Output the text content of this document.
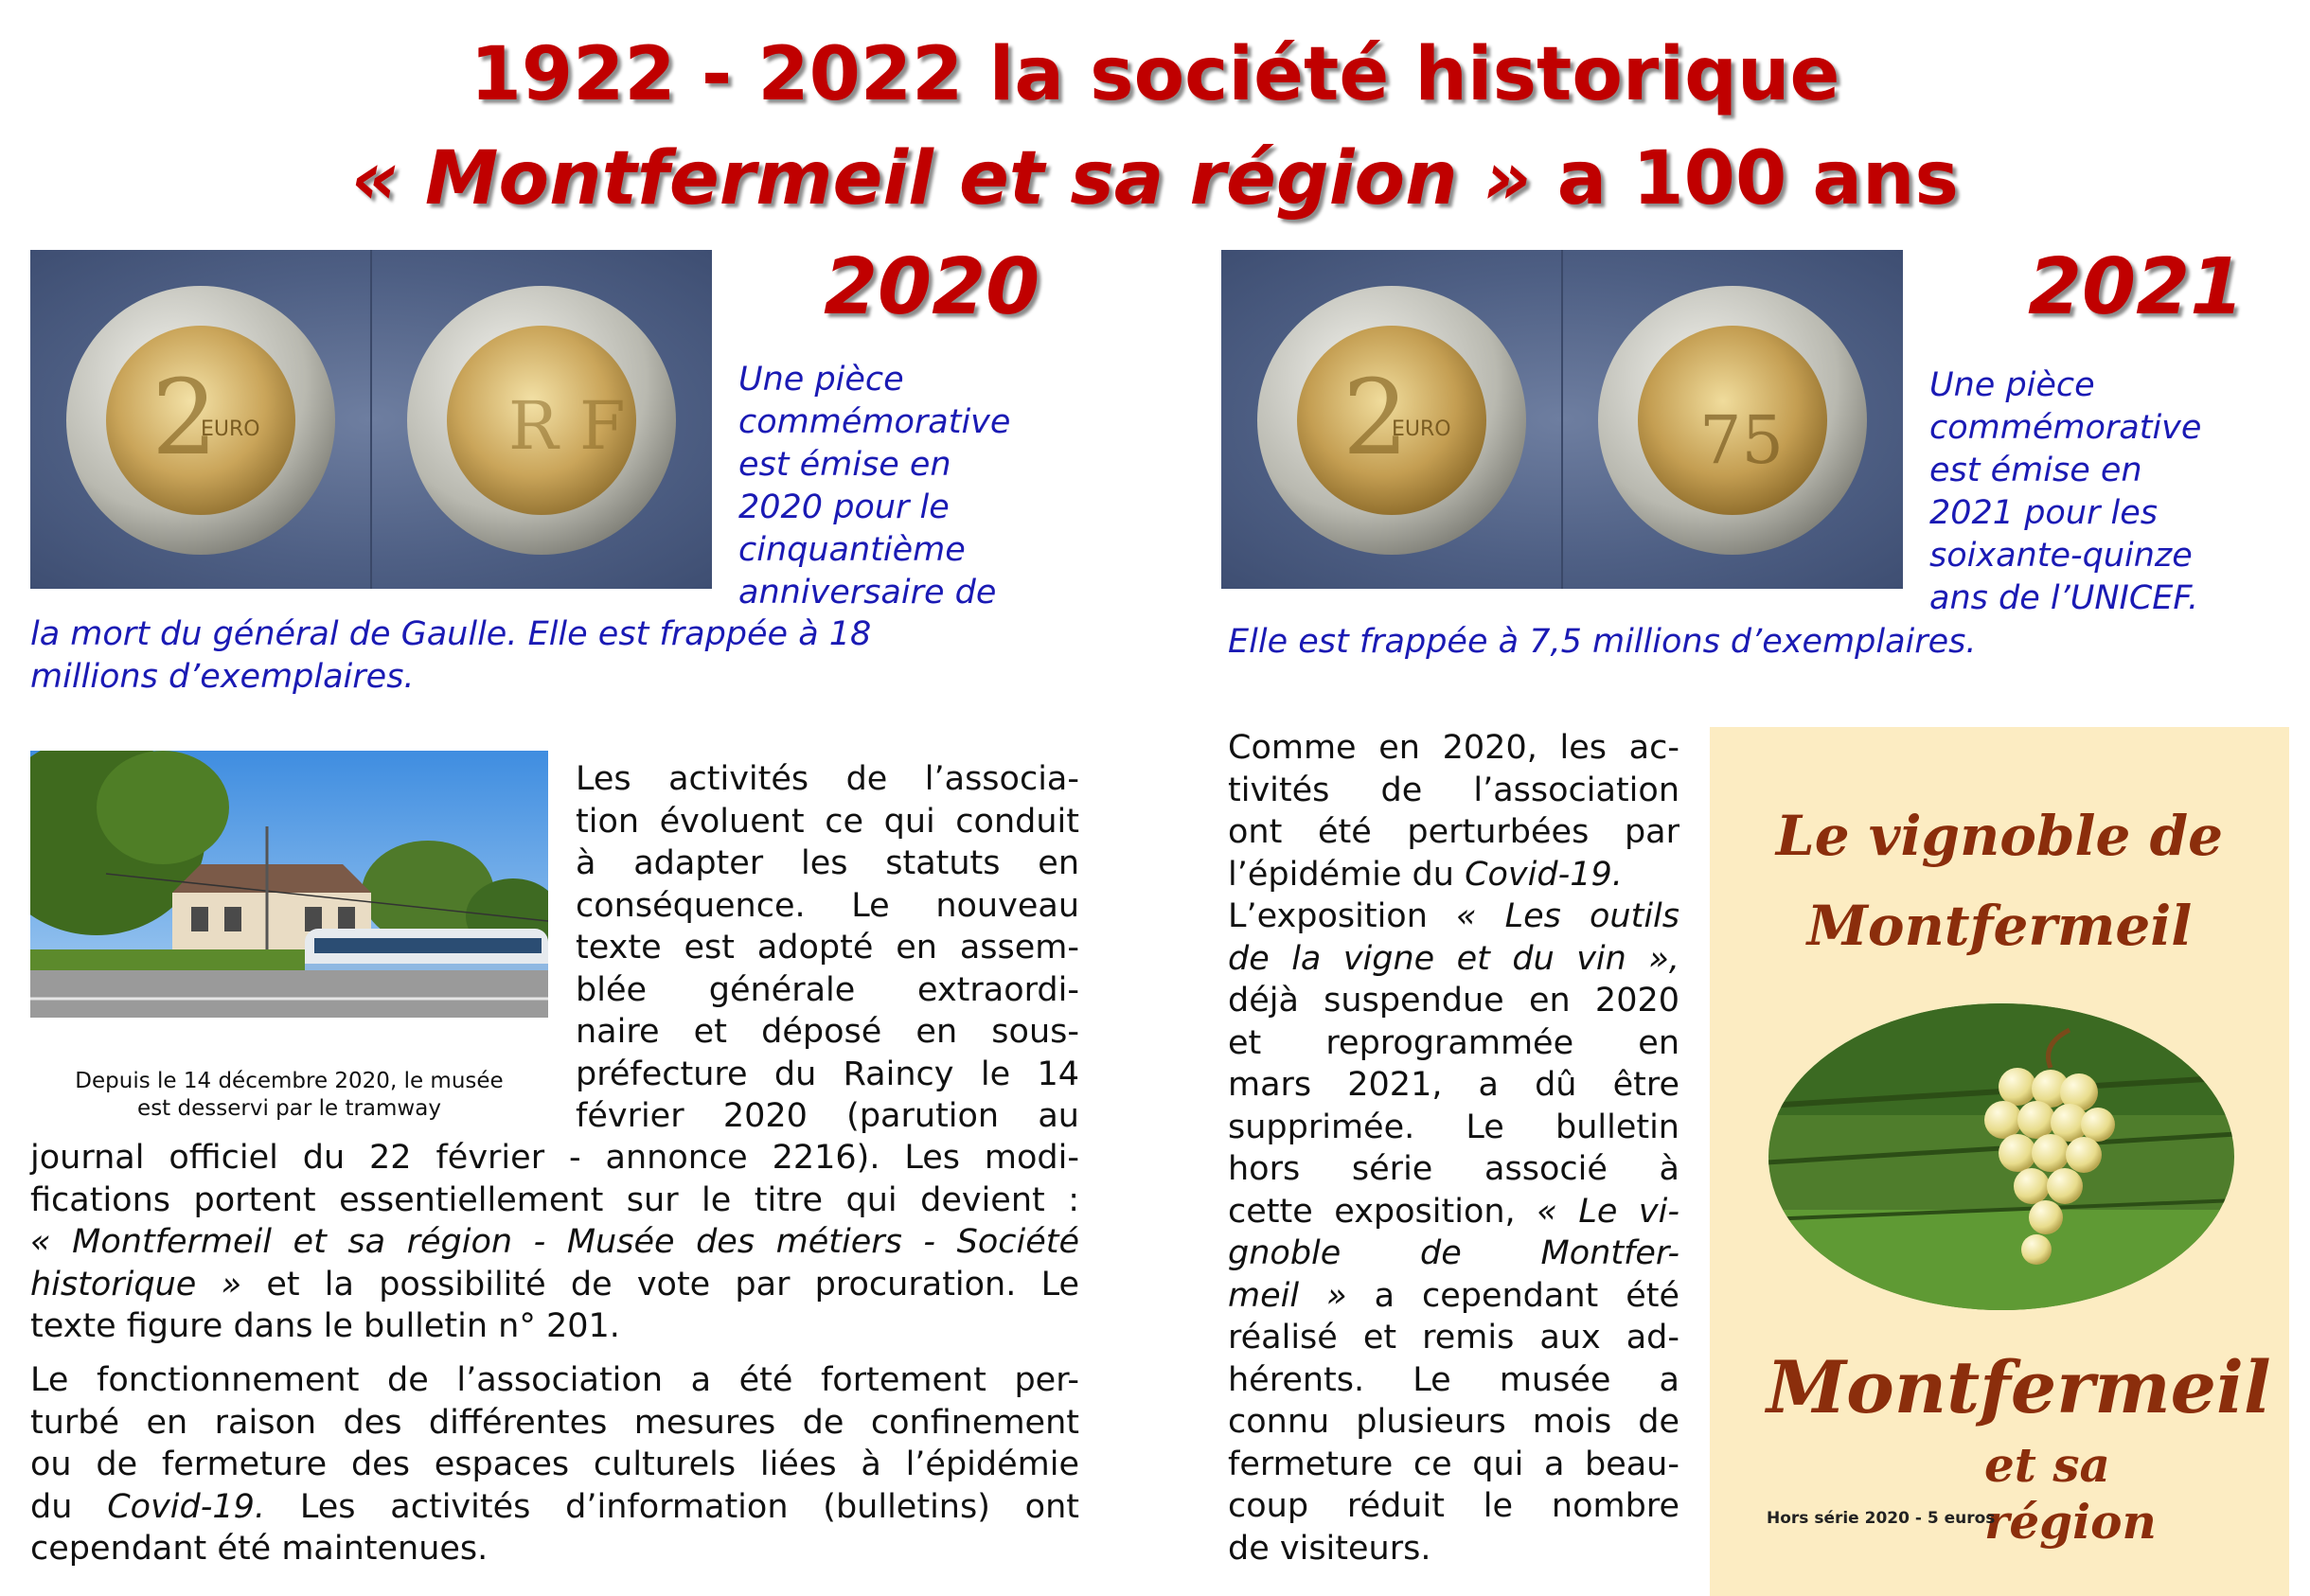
1922 - 2022 la société historique
« Montfermeil et sa région » a 100 ans
2
EURO	R F
2020
Une pièce
commémorative
est émise en
2020 pour le
cinquantième
anniversaire de
la mort du général de Gaulle. Elle est frappée à 18
millions d’exemplaires.
2
EURO	75
2021
Une pièce
commémorative
est émise en
2021 pour les
soixante-quinze
ans de l’UNICEF.
Elle est frappée à 7,5 millions d’exemplaires.
Depuis le 14 décembre 2020, le musée
est desservi par le tramway
Les activités de l’associa-
tion évoluent ce qui conduit
à adapter les statuts en
conséquence. Le nouveau
texte est adopté en assem-
blée générale extraordi-
naire et déposé en sous-
préfecture du Raincy le 14
février 2020 (parution au
journal officiel du 22 février - annonce 2216). Les modi-
fications portent essentiellement sur le titre qui devient :
« Montfermeil et sa région - Musée des métiers - Société
historique » et la possibilité de vote par procuration. Le
texte figure dans le bulletin n° 201.
Le fonctionnement de l’association a été fortement per-
turbé en raison des différentes mesures de confinement
ou de fermeture des espaces culturels liées à l’épidémie
du Covid-19. Les activités d’information (bulletins) ont
cependant été maintenues.
Comme en 2020, les ac-
tivités de l’association
ont été perturbées par
l’épidémie du Covid-19.
L’exposition « Les outils
de la vigne et du vin »,
déjà suspendue en 2020
et reprogrammée en
mars 2021, a dû être
supprimée. Le bulletin
hors série associé à
cette exposition, « Le vi-
gnoble de Montfer-
meil » a cependant été
réalisé et remis aux ad-
hérents. Le musée a
connu plusieurs mois de
fermeture ce qui a beau-
coup réduit le nombre
de visiteurs.
Le vignoble de
Montfermeil
Montfermeil
et sa région
Hors série 2020 - 5 euros
